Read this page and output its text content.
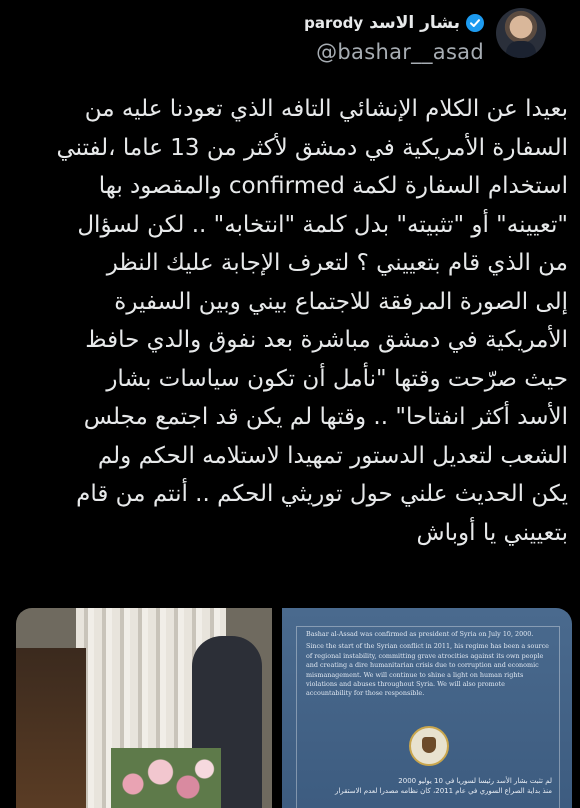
parody بشار الاسد
@bashar__asad
بعيدا عن الكلام الإنشائي التافه الذي تعودنا عليه من
السفارة الأمريكية في دمشق لأكثر من 13 عاما ،لفتني
استخدام السفارة لكمة confirmed والمقصود بها
"تعيينه" أو "تثبيته" بدل كلمة "انتخابه" .. لكن لسؤال
من الذي قام بتعييني ؟ لتعرف الإجابة عليك النظر
إلى الصورة المرفقة للاجتماع بيني وبين السفيرة
الأمريكية في دمشق مباشرة بعد نفوق والدي حافظ
حيث صرّحت وقتها "نأمل أن تكون سياسات بشار
الأسد أكثر انفتاحا" .. وقتها لم يكن قد اجتمع مجلس
الشعب لتعديل الدستور تمهيدا لاستلامه الحكم ولم
يكن الحديث علني حول توريثي الحكم .. أنتم من قام
بتعييني يا أوباش

Bashar al-Assad was confirmed as president of Syria on July 10, 2000.

Since the start of the Syrian conflict in 2011, his regime has been a source of regional instability, committing grave atrocities against its own people and creating a dire humanitarian crisis due to corruption and economic mismanagement. We will continue to shine a light on human rights violations and abuses throughout Syria. We will also promote accountability for those responsible.

لم تثبت بشار الأسد رئيسا لسوريا في 10 يوليو 2000
منذ بداية الصراع السوري في عام 2011، كان نظامه مصدرا لعدم الاستقرار
